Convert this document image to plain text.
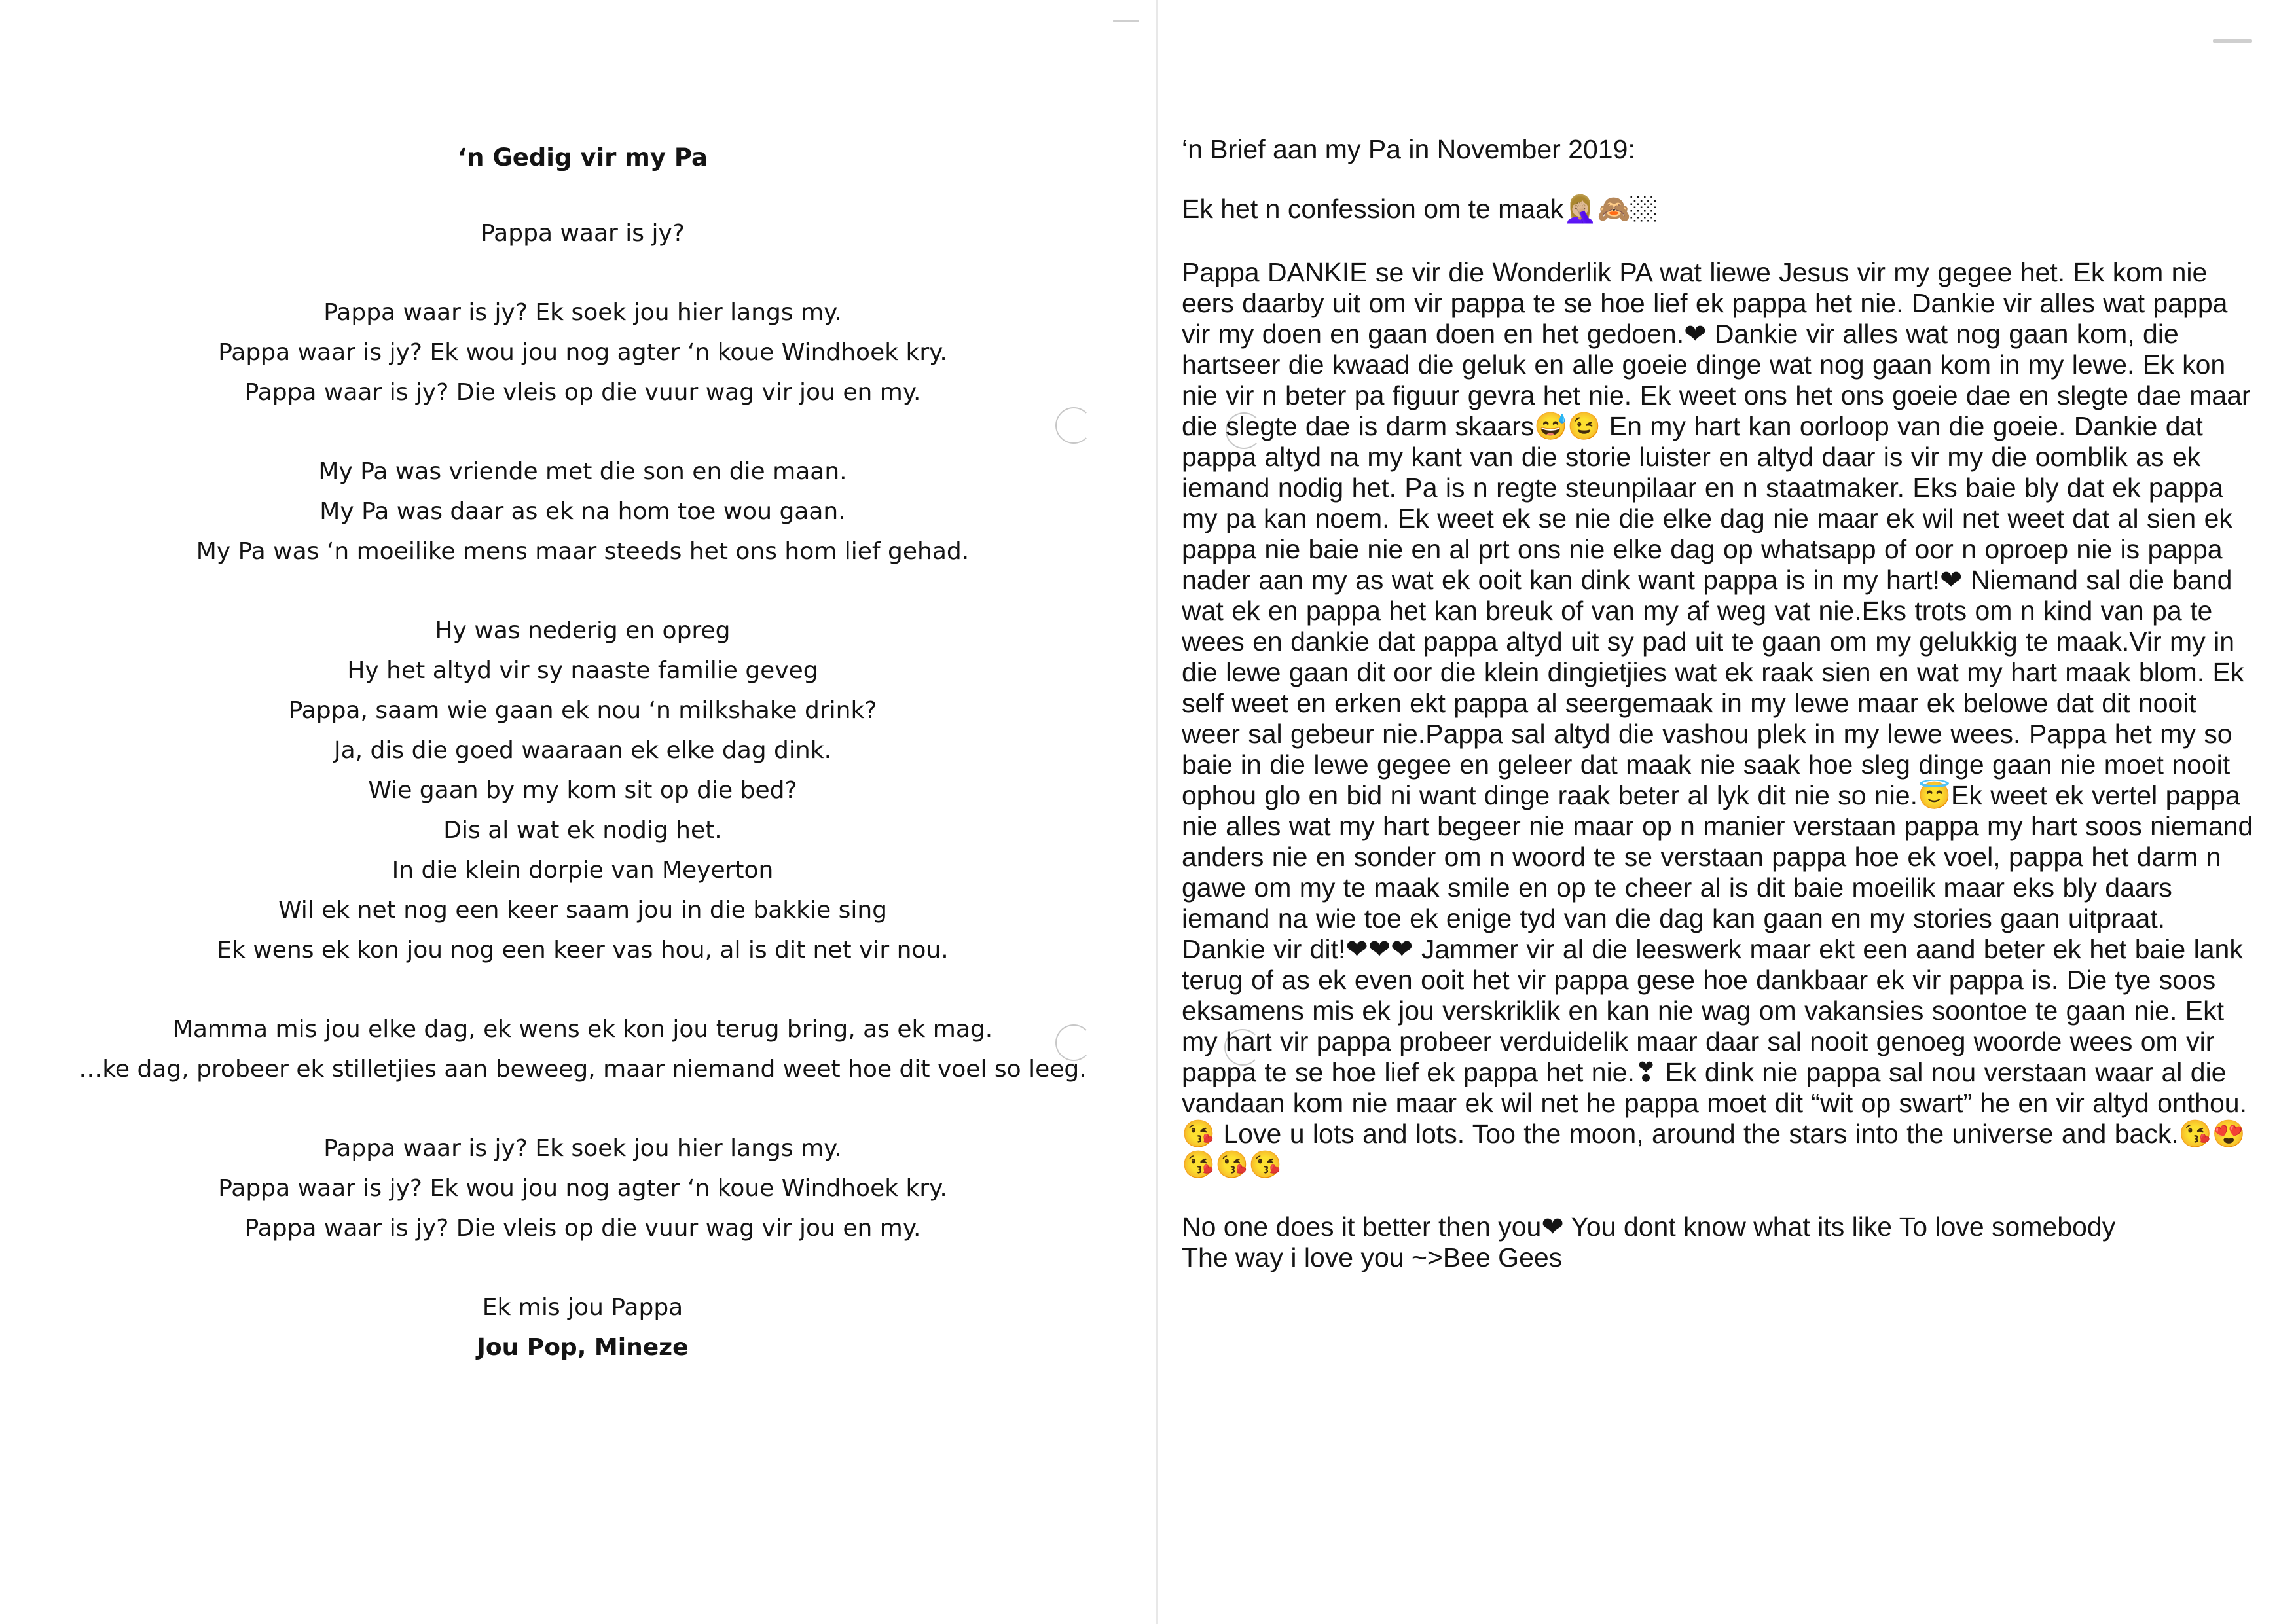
‘n Gedig vir my Pa
Pappa waar is jy?
Pappa waar is jy? Ek soek jou hier langs my.
Pappa waar is jy? Ek wou jou nog agter ‘n koue Windhoek kry.
Pappa waar is jy? Die vleis op die vuur wag vir jou en my.
My Pa was vriende met die son en die maan.
My Pa was daar as ek na hom toe wou gaan.
My Pa was ‘n moeilike mens maar steeds het ons hom lief gehad.
Hy was nederig en opreg
Hy het altyd vir sy naaste familie geveg
Pappa, saam wie gaan ek nou ‘n milkshake drink?
Ja, dis die goed waaraan ek elke dag dink.
Wie gaan by my kom sit op die bed?
Dis al wat ek nodig het.
In die klein dorpie van Meyerton
Wil ek net nog een keer saam jou in die bakkie sing
Ek wens ek kon jou nog een keer vas hou, al is dit net vir nou.
Mamma mis jou elke dag, ek wens ek kon jou terug bring, as ek mag.
…ke dag, probeer ek stilletjies aan beweeg, maar niemand weet hoe dit voel so leeg.
Pappa waar is jy? Ek soek jou hier langs my.
Pappa waar is jy? Ek wou jou nog agter ‘n koue Windhoek kry.
Pappa waar is jy? Die vleis op die vuur wag vir jou en my.
Ek mis jou Pappa
Jou Pop, Mineze
‘n Brief aan my Pa in November 2019:
Ek het n confession om te maak🤦🏼‍♀️🙈🏼
Pappa DANKIE se vir die Wonderlik PA wat liewe Jesus vir my gegee het. Ek kom nie eers daarby uit om vir pappa te se hoe lief ek pappa het nie. Dankie vir alles wat pappa vir my doen en gaan doen en het gedoen.❤ Dankie vir alles wat nog gaan kom, die hartseer die kwaad die geluk en alle goeie dinge wat nog gaan kom in my lewe. Ek kon nie vir n beter pa figuur gevra het nie. Ek weet ons het ons goeie dae en slegte dae maar die slegte dae is darm skaars😅😉 En my hart kan oorloop van die goeie. Dankie dat pappa altyd na my kant van die storie luister en altyd daar is vir my die oomblik as ek iemand nodig het. Pa is n regte steunpilaar en n staatmaker. Eks baie bly dat ek pappa my pa kan noem. Ek weet ek se nie die elke dag nie maar ek wil net weet dat al sien ek pappa nie baie nie en al prt ons nie elke dag op whatsapp of oor n oproep nie is pappa nader aan my as wat ek ooit kan dink want pappa is in my hart!❤ Niemand sal die band wat ek en pappa het kan breuk of van my af weg vat nie.Eks trots om n kind van pa te wees en dankie dat pappa altyd uit sy pad uit te gaan om my gelukkig te maak.Vir my in die lewe gaan dit oor die klein dingietjies wat ek raak sien en wat my hart maak blom. Ek self weet en erken ekt pappa al seergemaak in my lewe maar ek belowe dat dit nooit weer sal gebeur nie.Pappa sal altyd die vashou plek in my lewe wees. Pappa het my so baie in die lewe gegee en geleer dat maak nie saak hoe sleg dinge gaan nie moet nooit ophou glo en bid ni want dinge raak beter al lyk dit nie so nie.😇Ek weet ek vertel pappa nie alles wat my hart begeer nie maar op n manier verstaan pappa my hart soos niemand anders nie en sonder om n woord te se verstaan pappa hoe ek voel, pappa het darm n gawe om my te maak smile en op te cheer al is dit baie moeilik maar eks bly daars iemand na wie toe ek enige tyd van die dag kan gaan en my stories gaan uitpraat. Dankie vir dit!❤❤❤ Jammer vir al die leeswerk maar ekt een aand beter ek het baie lank terug of as ek even ooit het vir pappa gese hoe dankbaar ek vir pappa is. Die tye soos eksamens mis ek jou verskriklik en kan nie wag om vakansies soontoe te gaan nie. Ekt my hart vir pappa probeer verduidelik maar daar sal nooit genoeg woorde wees om vir pappa te se hoe lief ek pappa het nie.❣ Ek dink nie pappa sal nou verstaan waar al die vandaan kom nie maar ek wil net he pappa moet dit “wit op swart” he en vir altyd onthou.😘 Love u lots and lots. Too the moon, around the stars into the universe and back.😘😍😘😘😘
No one does it better then you❤ You dont know what its like To love somebody
The way i love you ~>Bee Gees
